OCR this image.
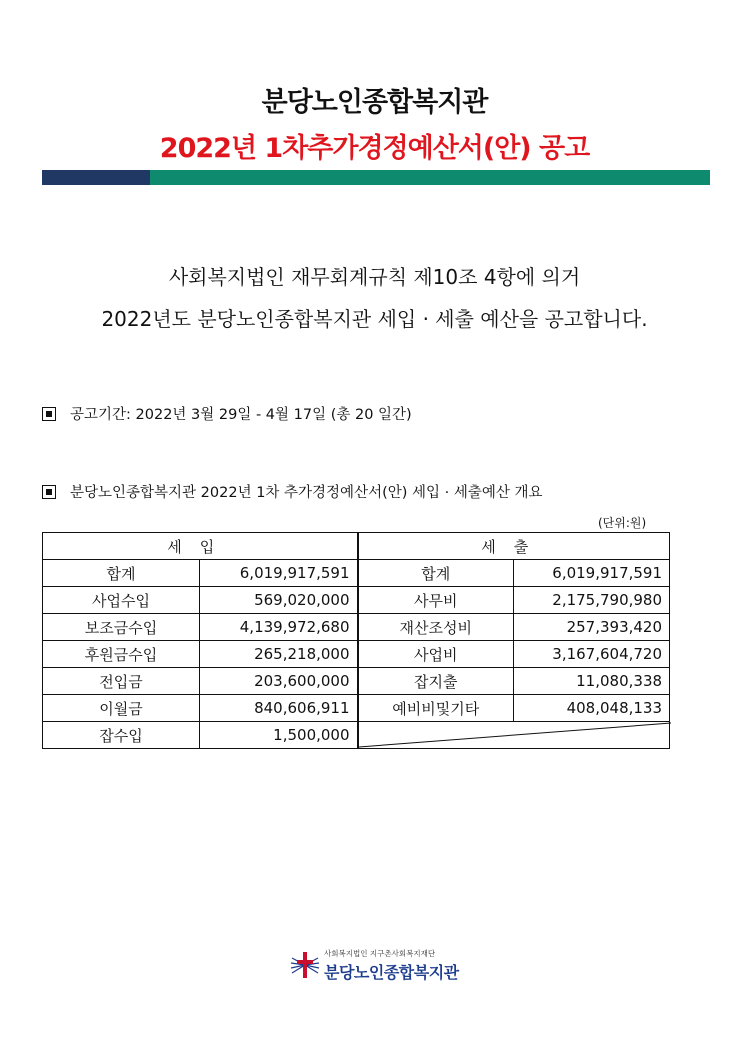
분당노인종합복지관
2022년 1차추가경정예산서(안) 공고
사회복지법인 재무회계규칙 제10조 4항에 의거
2022년도 분당노인종합복지관 세입 · 세출 예산을 공고합니다.
공고기간: 2022년 3월 29일 - 4월 17일 (총 20 일간)
분당노인종합복지관 2022년 1차 추가경정예산서(안) 세입 · 세출예산 개요
(단위:원)
세입		세출	
합계	6,019,917,591	합계	6,019,917,591
사업수입	569,020,000	사무비	2,175,790,980
보조금수입	4,139,972,680	재산조성비	257,393,420
후원금수입	265,218,000	사업비	3,167,604,720
전입금	203,600,000	잡지출	11,080,338
이월금	840,606,911	예비비및기타	408,048,133
잡수입	1,500,000	
사회복지법인 지구촌사회복지재단
분당노인종합복지관
